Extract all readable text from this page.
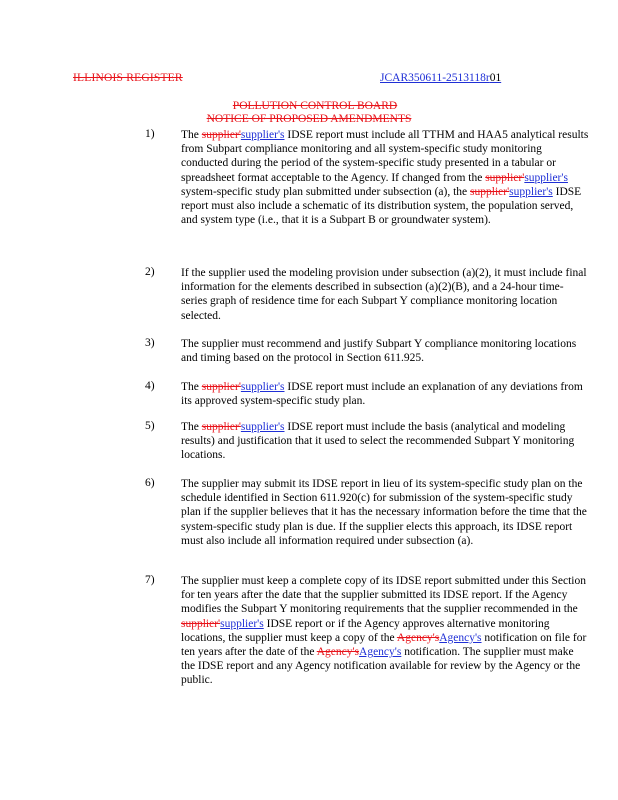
ILLINOIS REGISTER	JCAR350611-2513118r01
POLLUTION CONTROL BOARD
NOTICE OF PROPOSED AMENDMENTS
1) The supplier'supplier's IDSE report must include all TTHM and HAA5 analytical results from Subpart compliance monitoring and all system-specific study monitoring conducted during the period of the system-specific study presented in a tabular or spreadsheet format acceptable to the Agency. If changed from the supplier'supplier's system-specific study plan submitted under subsection (a), the supplier'supplier's IDSE report must also include a schematic of its distribution system, the population served, and system type (i.e., that it is a Subpart B or groundwater system).
2) If the supplier used the modeling provision under subsection (a)(2), it must include final information for the elements described in subsection (a)(2)(B), and a 24-hour time-series graph of residence time for each Subpart Y compliance monitoring location selected.
3) The supplier must recommend and justify Subpart Y compliance monitoring locations and timing based on the protocol in Section 611.925.
4) The supplier'supplier's IDSE report must include an explanation of any deviations from its approved system-specific study plan.
5) The supplier'supplier's IDSE report must include the basis (analytical and modeling results) and justification that it used to select the recommended Subpart Y monitoring locations.
6) The supplier may submit its IDSE report in lieu of its system-specific study plan on the schedule identified in Section 611.920(c) for submission of the system-specific study plan if the supplier believes that it has the necessary information before the time that the system-specific study plan is due. If the supplier elects this approach, its IDSE report must also include all information required under subsection (a).
7) The supplier must keep a complete copy of its IDSE report submitted under this Section for ten years after the date that the supplier submitted its IDSE report. If the Agency modifies the Subpart Y monitoring requirements that the supplier recommended in the supplier'supplier's IDSE report or if the Agency approves alternative monitoring locations, the supplier must keep a copy of the Agency'sAgency's notification on file for ten years after the date of the Agency'sAgency's notification. The supplier must make the IDSE report and any Agency notification available for review by the Agency or the public.
